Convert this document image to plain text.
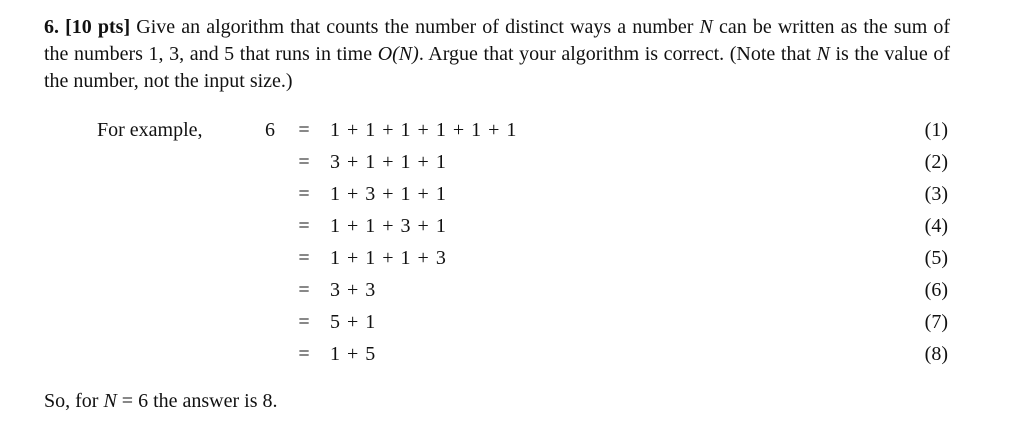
6. [10 pts] Give an algorithm that counts the number of distinct ways a number N can be written as the sum of the numbers 1, 3, and 5 that runs in time O(N). Argue that your algorithm is correct. (Note that N is the value of the number, not the input size.)
For example,	6 = 1 + 1 + 1 + 1 + 1 + 1	(1)
= 3 + 1 + 1 + 1	(2)
= 1 + 3 + 1 + 1	(3)
= 1 + 1 + 3 + 1	(4)
= 1 + 1 + 1 + 3	(5)
= 3 + 3	(6)
= 5 + 1	(7)
= 1 + 5	(8)
So, for N = 6 the answer is 8.
